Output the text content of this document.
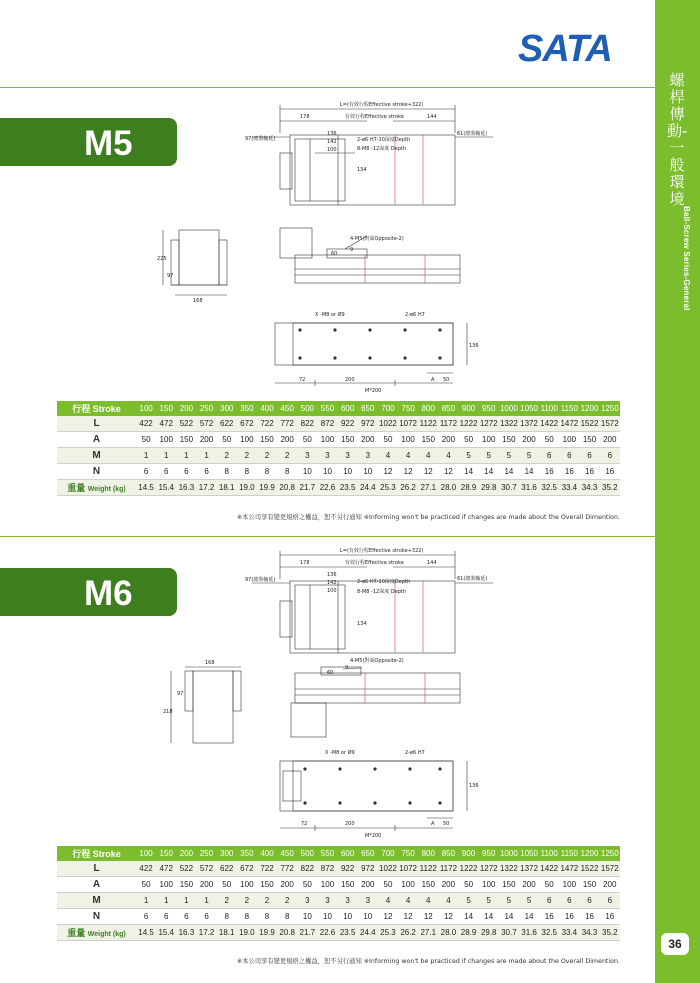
螺桿傳動-一般環境
Ball-Screw Series-General
36
SATA
M5
M6
L=(有效行程Effective stroke+322)
有效行程Effective stroke
178	144
97(總裝軸延)
61(總裝軸延)
136
142
100
2-ø6 H7-10深度Depth
8-M8 -12深度 Depth
134
4-M5(對面Opposite-2)
60
9
225
97
168
X -M8 or Ø9	2-ø6 H7
72	200	A 50
M*200
136
行程 Stroke	100	150	200	250	300	350	400	450	500	550	600	650	700	750	800	850	900	950	1000	1050	1100	1150	1200	1250
L	422	472	522	572	622	672	722	772	822	872	922	972	1022	1072	1122	1172	1222	1272	1322	1372	1422	1472	1522	1572
A	50	100	150	200	50	100	150	200	50	100	150	200	50	100	150	200	50	100	150	200	50	100	150	200
M	1	1	1	1	2	2	2	2	3	3	3	3	4	4	4	4	5	5	5	5	6	6	6	6
N	6	6	6	6	8	8	8	8	10	10	10	10	12	12	12	12	14	14	14	14	16	16	16	16
重量 Weight (kg)	14.5	15.4	16.3	17.2	18.1	19.0	19.9	20.8	21.7	22.6	23.5	24.4	25.3	26.2	27.1	28.0	28.9	29.8	30.7	31.6	32.5	33.4	34.3	35.2
※本公司享有變更規格之權益，恕不另行通知 ※Informing won't be practiced if changes are made about the Overall Dimention.
L=(有效行程Effective stroke+322)
有效行程Effective stroke
178	144
97(總裝軸延)	61(總裝軸延)
136
142
100
2-ø6 H7-10深度Depth
8-M8 -12深度 Depth
134
4-M5(對面Opposite-2)
60
9
168
97
218
X -M8 or Ø9	2-ø6 H7
72	200	A 50
M*200
136
行程 Stroke	100	150	200	250	300	350	400	450	500	550	600	650	700	750	800	850	900	950	1000	1050	1100	1150	1200	1250
L	422	472	522	572	622	672	722	772	822	872	922	972	1022	1072	1122	1172	1222	1272	1322	1372	1422	1472	1522	1572
A	50	100	150	200	50	100	150	200	50	100	150	200	50	100	150	200	50	100	150	200	50	100	150	200
M	1	1	1	1	2	2	2	2	3	3	3	3	4	4	4	4	5	5	5	5	6	6	6	6
N	6	6	6	6	8	8	8	8	10	10	10	10	12	12	12	12	14	14	14	14	16	16	16	16
重量 Weight (kg)	14.5	15.4	16.3	17.2	18.1	19.0	19.9	20.8	21.7	22.6	23.5	24.4	25.3	26.2	27.1	28.0	28.9	29.8	30.7	31.6	32.5	33.4	34.3	35.2
※本公司享有變更規格之權益，恕不另行通知 ※Informing won't be practiced if changes are made about the Overall Dimention.
